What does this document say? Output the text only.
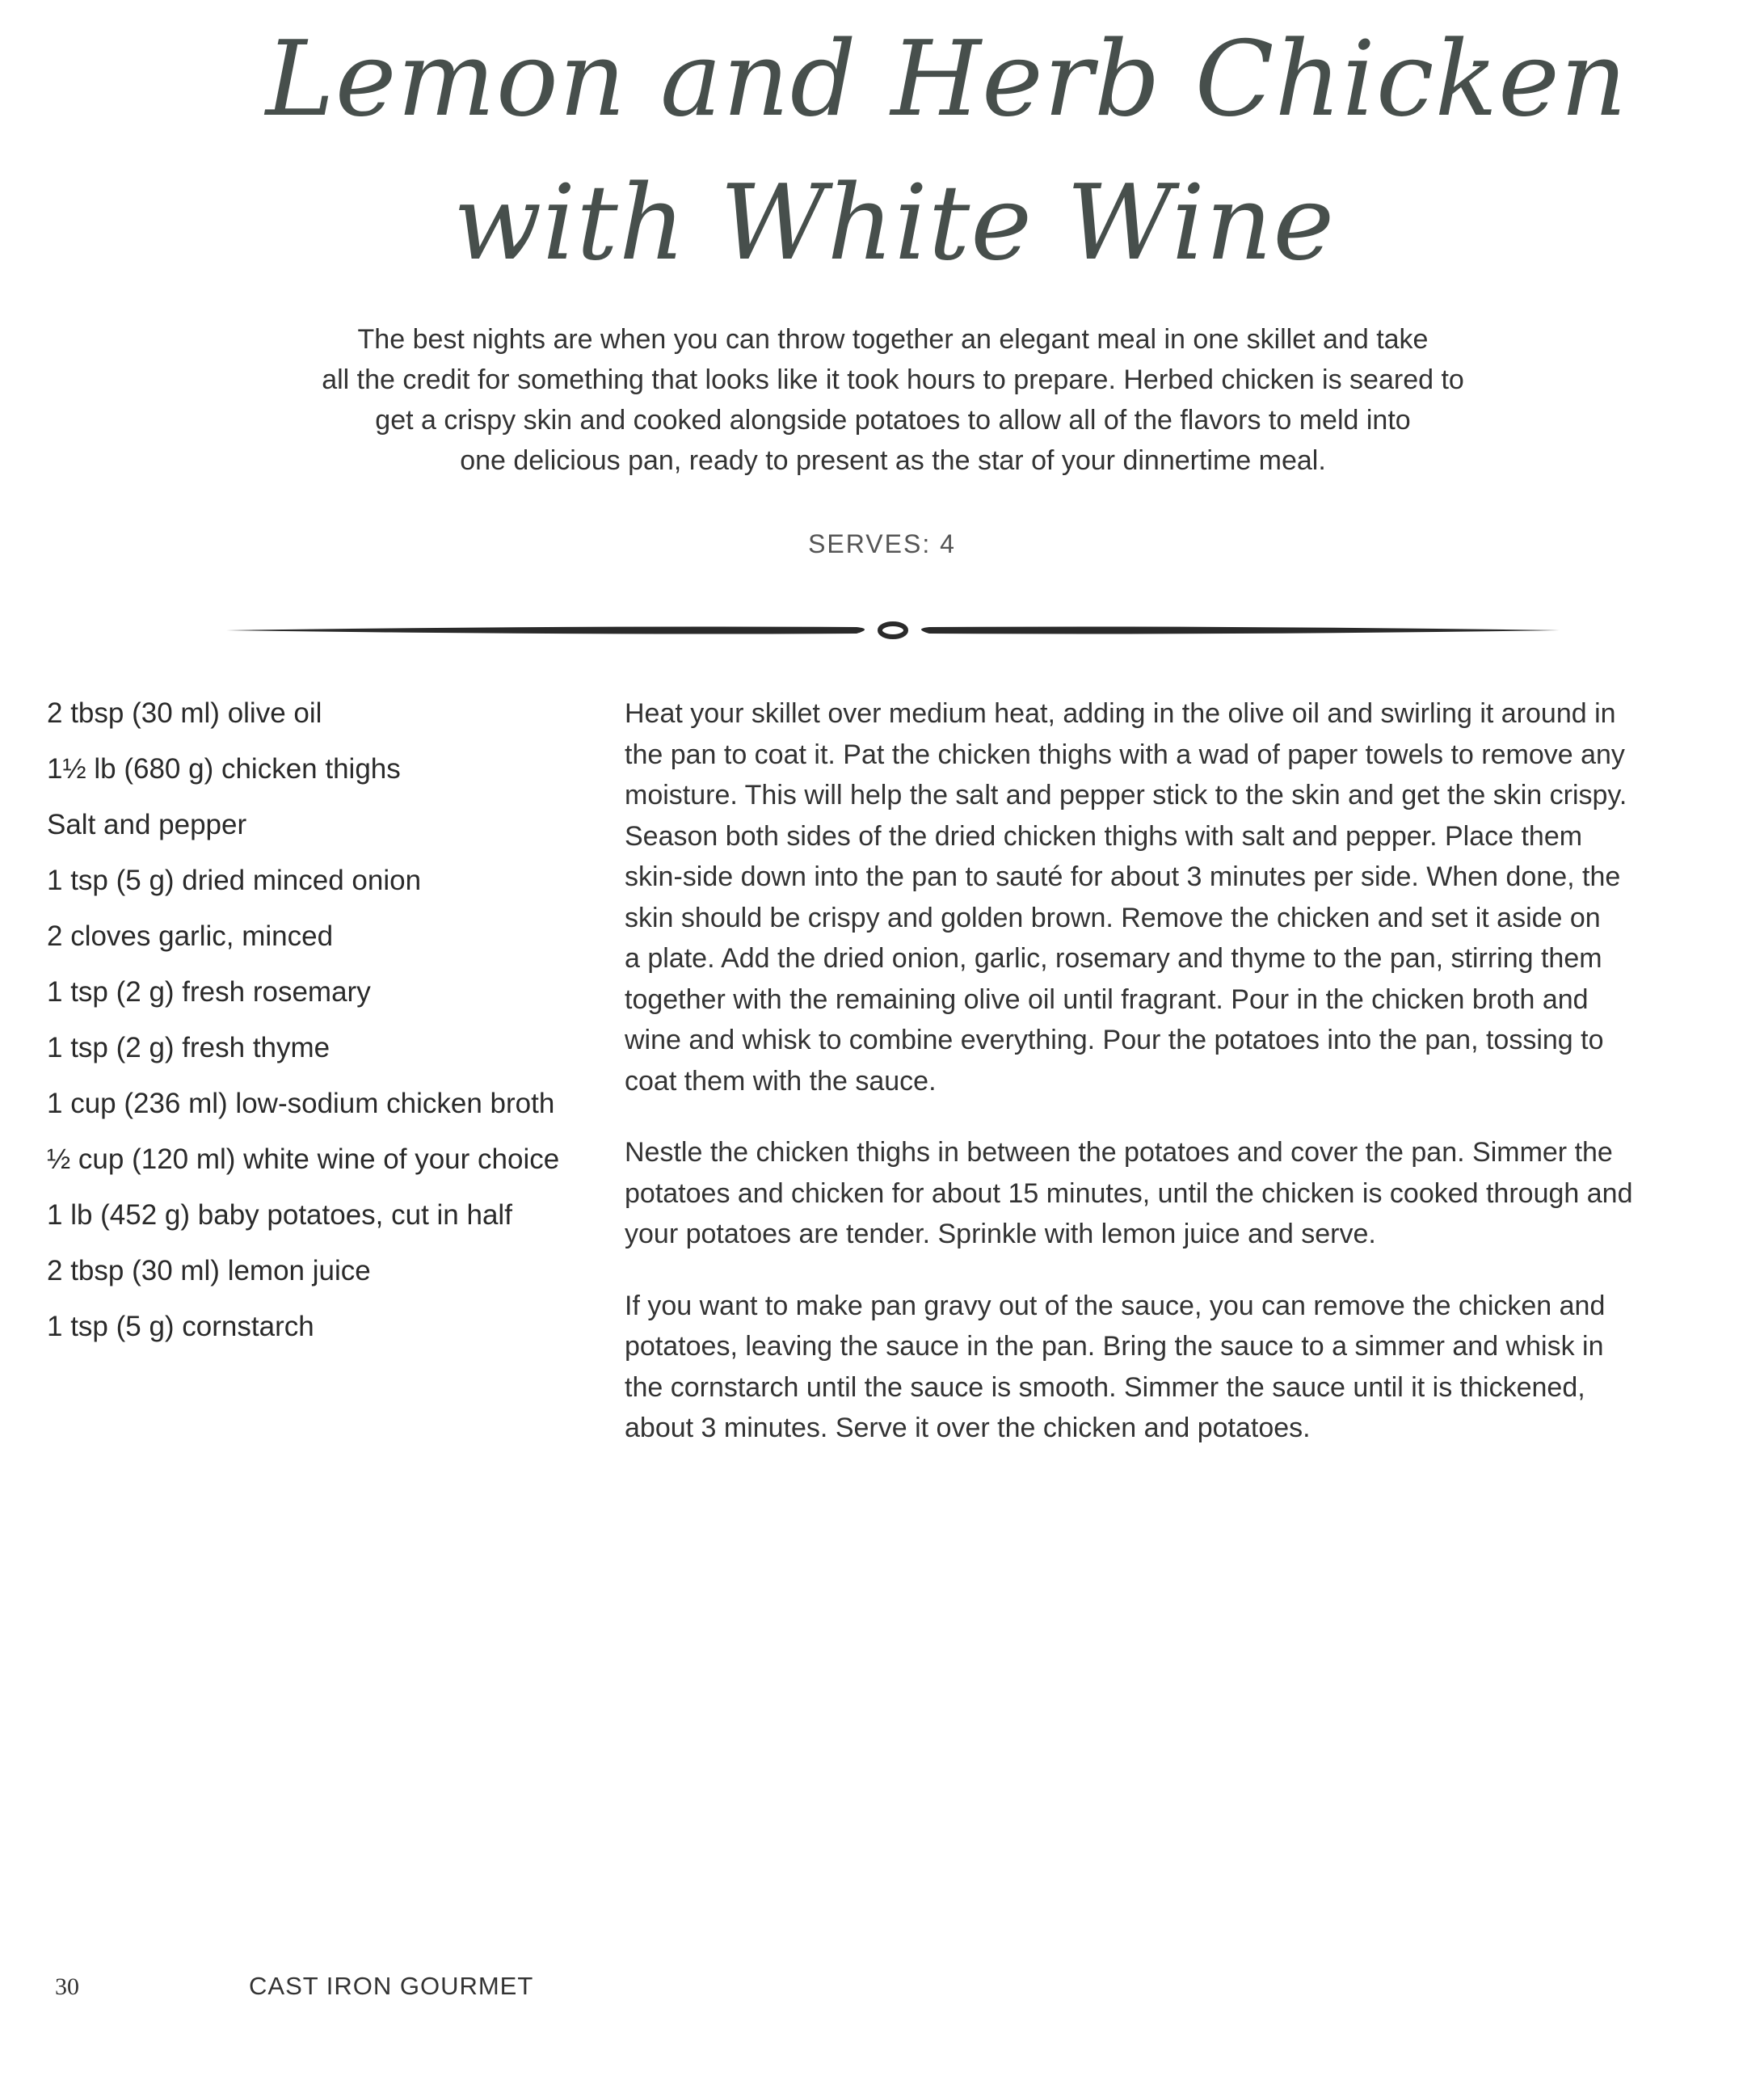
Lemon and Herb Chicken
with White Wine
The best nights are when you can throw together an elegant meal in one skillet and take
all the credit for something that looks like it took hours to prepare. Herbed chicken is seared to
get a crispy skin and cooked alongside potatoes to allow all of the flavors to meld into
one delicious pan, ready to present as the star of your dinnertime meal.
SERVES: 4
2 tbsp (30 ml) olive oil
1½ lb (680 g) chicken thighs
Salt and pepper
1 tsp (5 g) dried minced onion
2 cloves garlic, minced
1 tsp (2 g) fresh rosemary
1 tsp (2 g) fresh thyme
1 cup (236 ml) low-sodium chicken broth
½ cup (120 ml) white wine of your choice
1 lb (452 g) baby potatoes, cut in half
2 tbsp (30 ml) lemon juice
1 tsp (5 g) cornstarch
Heat your skillet over medium heat, adding in the olive oil and swirling it around in
the pan to coat it. Pat the chicken thighs with a wad of paper towels to remove any
moisture. This will help the salt and pepper stick to the skin and get the skin crispy.
Season both sides of the dried chicken thighs with salt and pepper. Place them
skin-side down into the pan to sauté for about 3 minutes per side. When done, the
skin should be crispy and golden brown. Remove the chicken and set it aside on
a plate. Add the dried onion, garlic, rosemary and thyme to the pan, stirring them
together with the remaining olive oil until fragrant. Pour in the chicken broth and
wine and whisk to combine everything. Pour the potatoes into the pan, tossing to
coat them with the sauce.
Nestle the chicken thighs in between the potatoes and cover the pan. Simmer the
potatoes and chicken for about 15 minutes, until the chicken is cooked through and
your potatoes are tender. Sprinkle with lemon juice and serve.
If you want to make pan gravy out of the sauce, you can remove the chicken and
potatoes, leaving the sauce in the pan. Bring the sauce to a simmer and whisk in
the cornstarch until the sauce is smooth. Simmer the sauce until it is thickened,
about 3 minutes. Serve it over the chicken and potatoes.
30	CAST IRON GOURMET
